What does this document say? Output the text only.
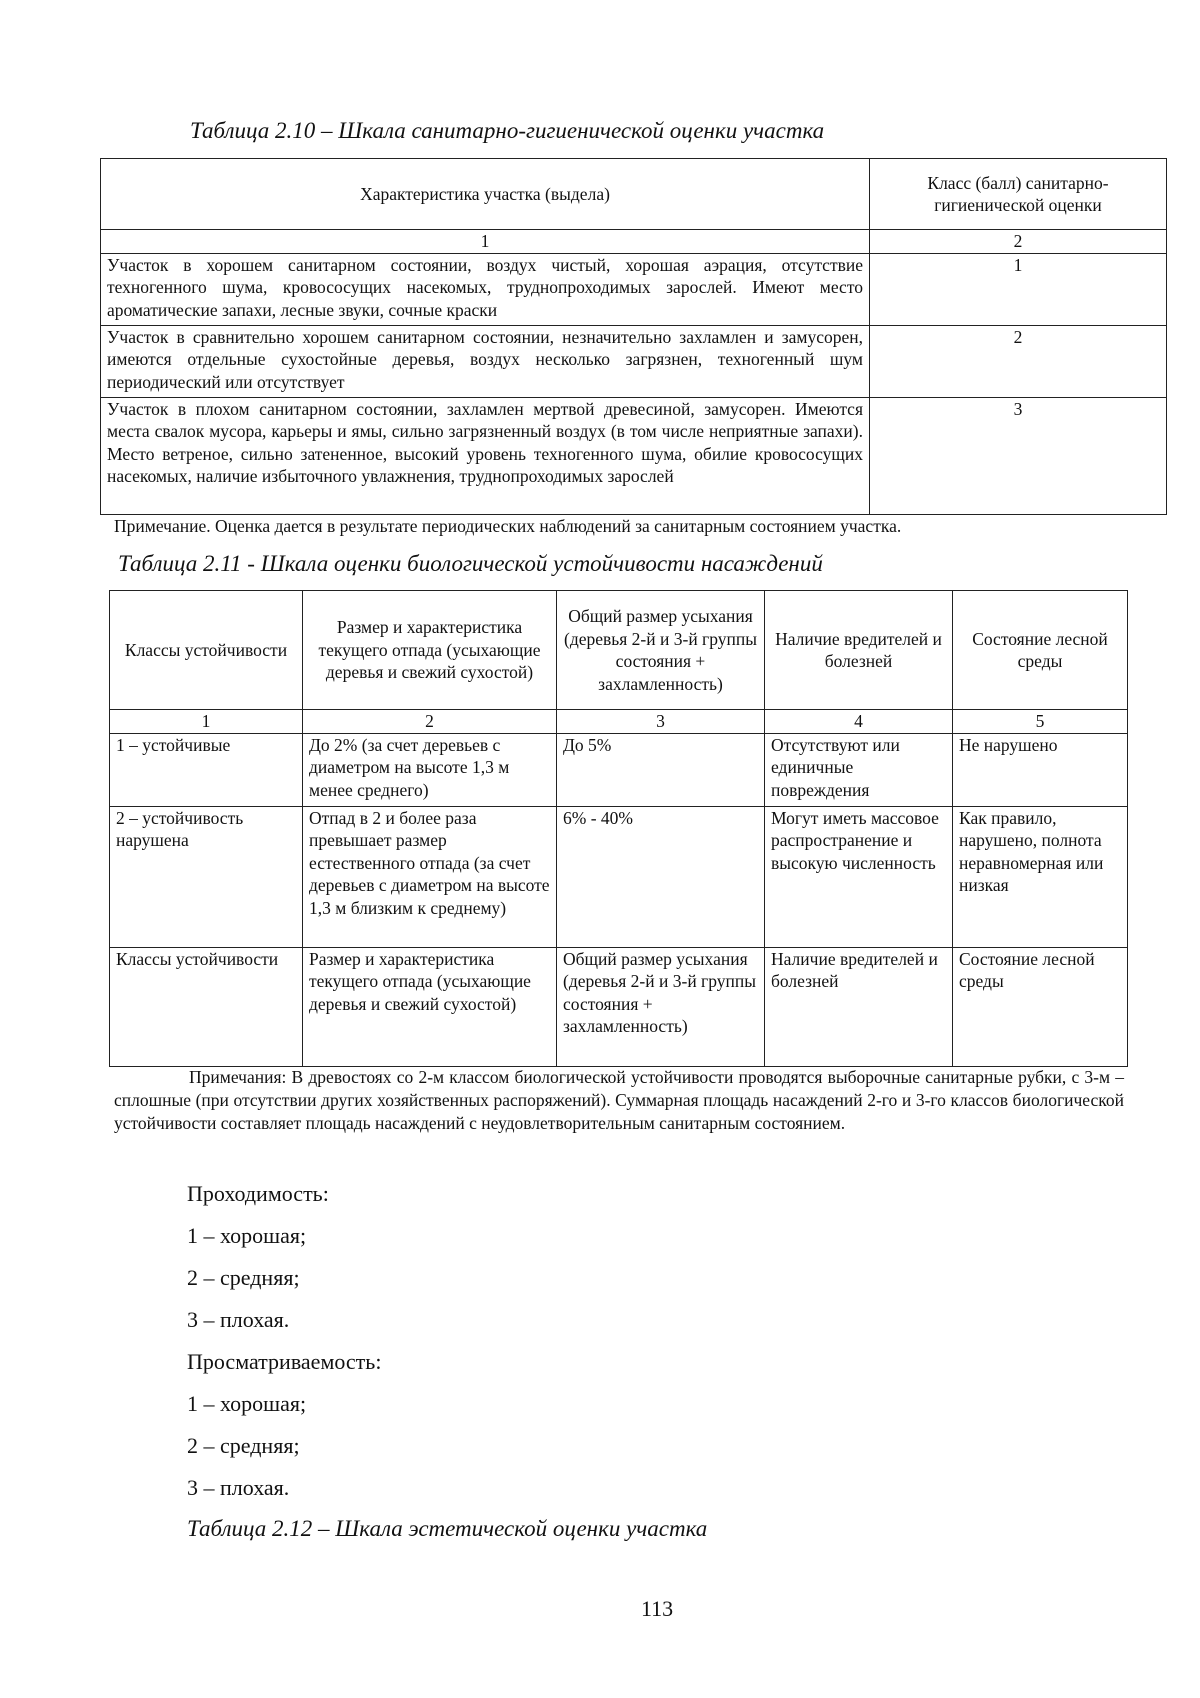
Таблица 2.10 – Шкала санитарно-гигиенической оценки участка
Характеристика участка (выдела)	Класс (балл) санитарно-гигиенической оценки
1	2
Участок в хорошем санитарном состоянии, воздух чистый, хорошая аэрация, отсутствие техногенного шума, кровососущих насекомых, труднопроходимых зарослей. Имеют место ароматические запахи, лесные звуки, сочные краски	1
Участок в сравнительно хорошем санитарном состоянии, незначительно захламлен и замусорен, имеются отдельные сухостойные деревья, воздух несколько загрязнен, техногенный шум периодический или отсутствует	2
Участок в плохом санитарном состоянии, захламлен мертвой древесиной, замусорен. Имеются места свалок мусора, карьеры и ямы, сильно загрязненный воздух (в том числе неприятные запахи). Место ветреное, сильно затененное, высокий уровень техногенного шума, обилие кровососущих насекомых, наличие избыточного увлажнения, труднопроходимых зарослей	3
Примечание. Оценка дается в результате периодических наблюдений за санитарным состоянием участка.
Таблица 2.11 - Шкала оценки биологической устойчивости насаждений
Классы устойчивости	Размер и характеристика текущего отпада (усыхающие деревья и свежий сухостой)	Общий размер усыхания (деревья 2-й и 3-й группы состояния + захламленность)	Наличие вредителей и болезней	Состояние лесной среды
1	2	3	4	5
1 – устойчивые	До 2% (за счет деревьев с диаметром на высоте 1,3 м менее среднего)	До 5%	Отсутствуют или единичные повреждения	Не нарушено
2 – устойчивость нарушена	Отпад в 2 и более раза превышает размер естественного отпада (за счет деревьев с диаметром на высоте 1,3 м близким к среднему)	6% - 40%	Могут иметь массовое распространение и высокую численность	Как правило, нарушено, полнота неравномерная или низкая
Классы устойчивости	Размер и характеристика текущего отпада (усыхающие деревья и свежий сухостой)	Общий размер усыхания (деревья 2-й и 3-й группы состояния + захламленность)	Наличие вредителей и болезней	Состояние лесной среды
Примечания: В древостоях со 2-м классом биологической устойчивости проводятся выборочные санитарные рубки, с 3-м – сплошные (при отсутствии других хозяйственных распоряжений). Суммарная площадь насаждений 2-го и 3-го классов биологической устойчивости составляет площадь насаждений с неудовлетворительным санитарным состоянием.
Проходимость:
1 – хорошая;
2 – средняя;
3 – плохая.
Просматриваемость:
1 – хорошая;
2 – средняя;
3 – плохая.
Таблица 2.12 – Шкала эстетической оценки участка
113
